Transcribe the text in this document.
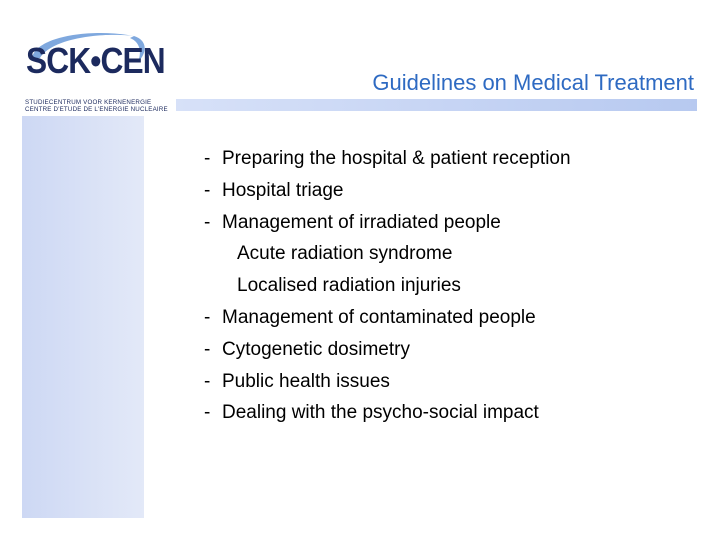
SCK•CEN
STUDIECENTRUM VOOR KERNENERGIE
CENTRE D'ETUDE DE L'ENERGIE NUCLEAIRE
Guidelines on Medical Treatment
- Preparing the hospital & patient reception
- Hospital triage
- Management of irradiated people
Acute radiation syndrome
Localised radiation injuries
- Management of contaminated people
- Cytogenetic dosimetry
- Public health issues
- Dealing with the psycho-social impact
